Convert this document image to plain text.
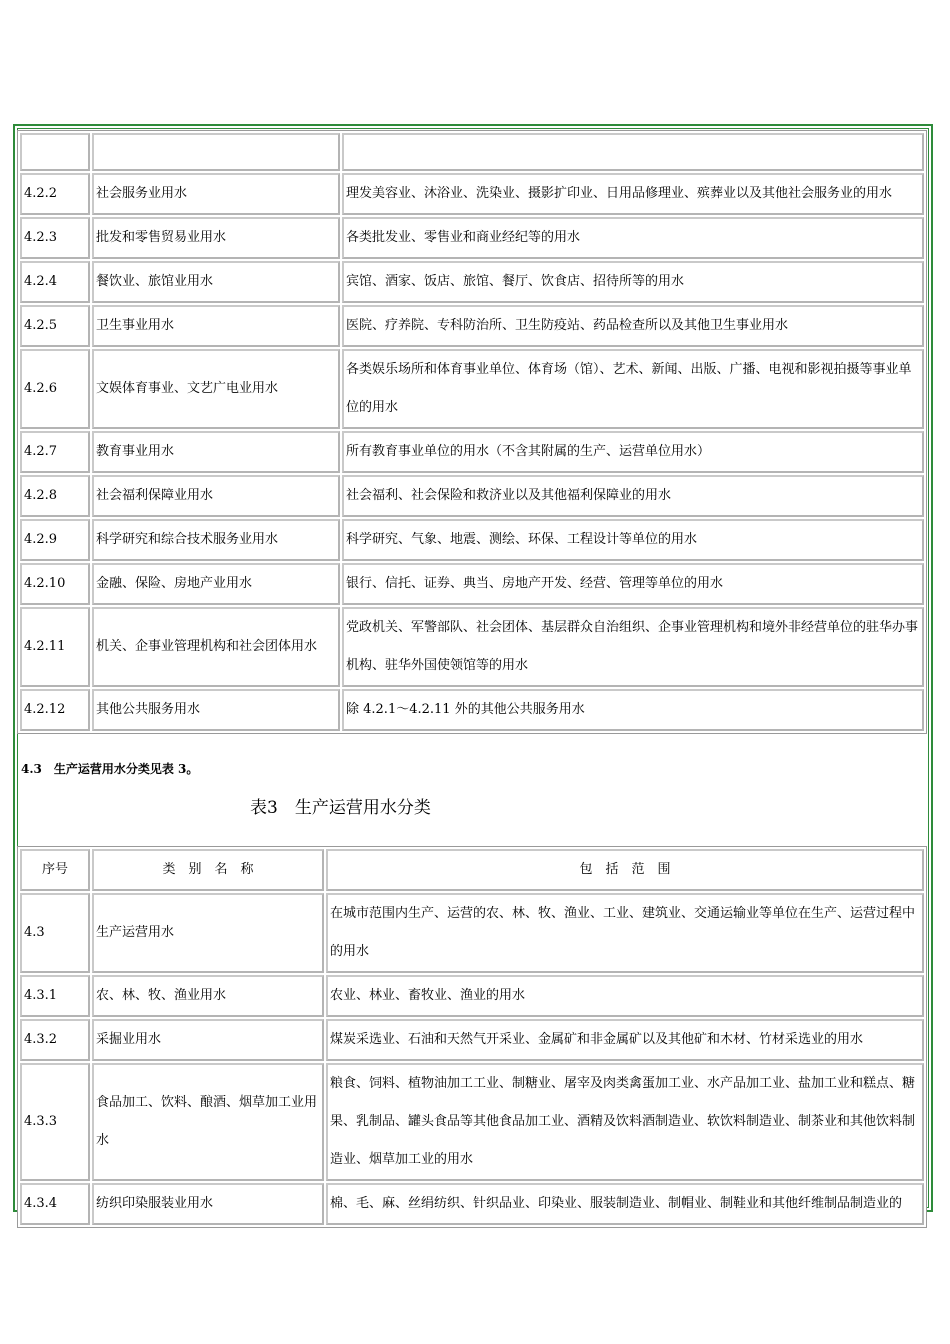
4.2.2	社会服务业用水	理发美容业、沐浴业、洗染业、摄影扩印业、日用品修理业、殡葬业以及其他社会服务业的用水
4.2.3	批发和零售贸易业用水	各类批发业、零售业和商业经纪等的用水
4.2.4	餐饮业、旅馆业用水	宾馆、酒家、饭店、旅馆、餐厅、饮食店、招待所等的用水
4.2.5	卫生事业用水	医院、疗养院、专科防治所、卫生防疫站、药品检查所以及其他卫生事业用水
4.2.6	文娱体育事业、文艺广电业用水	各类娱乐场所和体育事业单位、体育场（馆）、艺术、新闻、出版、广播、电视和影视拍摄等事业单位的用水
4.2.7	教育事业用水	所有教育事业单位的用水（不含其附属的生产、运营单位用水）
4.2.8	社会福利保障业用水	社会福利、社会保险和救济业以及其他福利保障业的用水
4.2.9	科学研究和综合技术服务业用水	科学研究、气象、地震、测绘、环保、工程设计等单位的用水
4.2.10	金融、保险、房地产业用水	银行、信托、证券、典当、房地产开发、经营、管理等单位的用水
4.2.11	机关、企事业管理机构和社会团体用水	党政机关、军警部队、社会团体、基层群众自治组织、企事业管理机构和境外非经营单位的驻华办事机构、驻华外国使领馆等的用水
4.2.12	其他公共服务用水	除 4.2.1～4.2.11 外的其他公共服务用水
4.3　生产运营用水分类见表 3。
表3　生产运营用水分类
序号	类　别　名　称	包　括　范　围
4.3	生产运营用水	在城市范围内生产、运营的农、林、牧、渔业、工业、建筑业、交通运输业等单位在生产、运营过程中的用水
4.3.1	农、林、牧、渔业用水	农业、林业、畜牧业、渔业的用水
4.3.2	采掘业用水	煤炭采选业、石油和天然气开采业、金属矿和非金属矿以及其他矿和木材、竹材采选业的用水
4.3.3	食品加工、饮料、酿酒、烟草加工业用水	粮食、饲料、植物油加工工业、制糖业、屠宰及肉类禽蛋加工业、水产品加工业、盐加工业和糕点、糖果、乳制品、罐头食品等其他食品加工业、酒精及饮料酒制造业、软饮料制造业、制茶业和其他饮料制造业、烟草加工业的用水
4.3.4	纺织印染服装业用水	棉、毛、麻、丝绢纺织、针织品业、印染业、服装制造业、制帽业、制鞋业和其他纤维制品制造业的
